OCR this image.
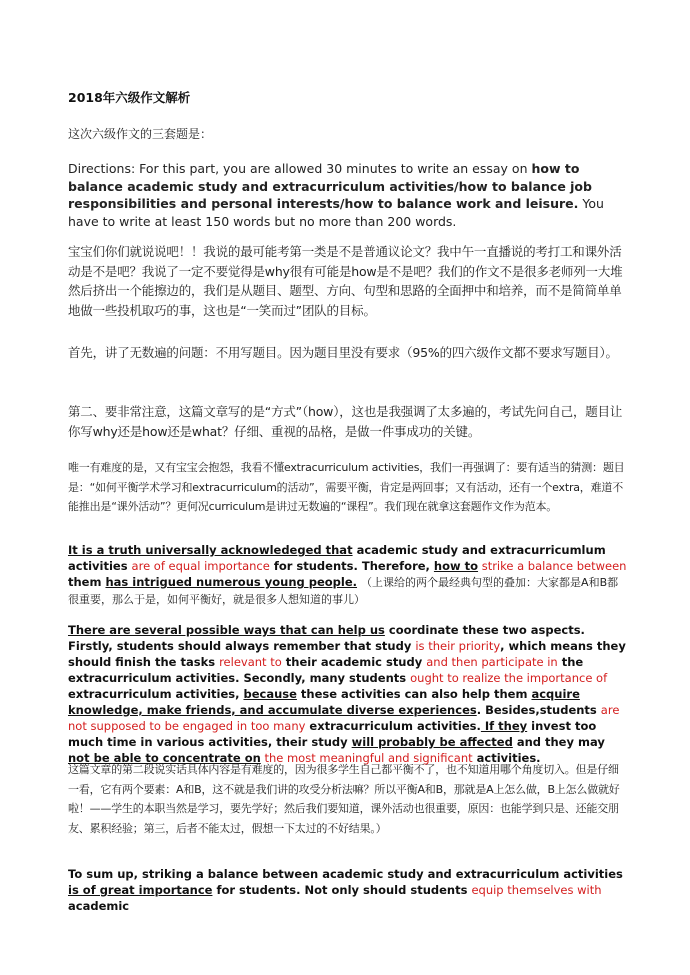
2018年六级作文解析

这次六级作文的三套题是：

Directions: For this part, you are allowed 30 minutes to write an essay on how to balance academic study and extracurriculum activities/how to balance job responsibilities and personal interests/how to balance work and leisure. You have to write at least 150 words but no more than 200 words.

宝宝们你们就说说吧！！我说的最可能考第一类是不是普通议论文？我中午一直播说的考打工和课外活动是不是吧？我说了一定不要觉得是why很有可能是how是不是吧？我们的作文不是很多老师列一大堆然后挤出一个能擦边的，我们是从题目、题型、方向、句型和思路的全面押中和培养，而不是简简单单地做一些投机取巧的事，这也是“一笑而过”团队的目标。

首先，讲了无数遍的问题：不用写题目。因为题目里没有要求（95%的四六级作文都不要求写题目）。

第二、要非常注意，这篇文章写的是“方式”（how），这也是我强调了太多遍的，考试先问自己，题目让你写why还是how还是what？仔细、重视的品格，是做一件事成功的关键。

唯一有难度的是，又有宝宝会抱怨，我看不懂extracurriculum activities，我们一再强调了：要有适当的猜测：题目是：“如何平衡学术学习和extracurriculum的活动”，需要平衡，肯定是两回事；又有活动，还有一个extra，难道不能推出是“课外活动”？更何况curriculum是讲过无数遍的“课程”。我们现在就拿这套题作文作为范本。

It is a truth universally acknowledeged that academic study and extracurricumlum activities are of equal importance for students. Therefore, how to strike a balance between them has intrigued numerous young people. （上课给的两个最经典句型的叠加：大家都是A和B都很重要，那么于是，如何平衡好，就是很多人想知道的事儿）

There are several possible ways that can help us coordinate these two aspects. Firstly, students should always remember that study is their priority, which means they should finish the tasks relevant to their academic study and then participate in the extracurriculum activities. Secondly, many students ought to realize the importance of extracurriculum activities, because these activities can also help them acquire knowledge, make friends, and accumulate diverse experiences. Besides,students are not supposed to be engaged in too many extracurriculum activities. If they invest too much time in various activities, their study will probably be affected and they may not be able to concentrate on the most meaningful and significant activities.

这篇文章的第二段说实话具体内容是有难度的，因为很多学生自己都平衡不了，也不知道用哪个角度切入。但是仔细一看，它有两个要素：A和B，这不就是我们讲的攻受分析法嘛？所以平衡A和B，那就是A上怎么做，B上怎么做就好啦！——学生的本职当然是学习，要先学好；然后我们要知道，课外活动也很重要，原因：也能学到只是、还能交朋友、累积经验；第三，后者不能太过，假想一下太过的不好结果。）

To sum up, striking a balance between academic study and extracurriculum activities is of great importance for students. Not only should students equip themselves with academic
